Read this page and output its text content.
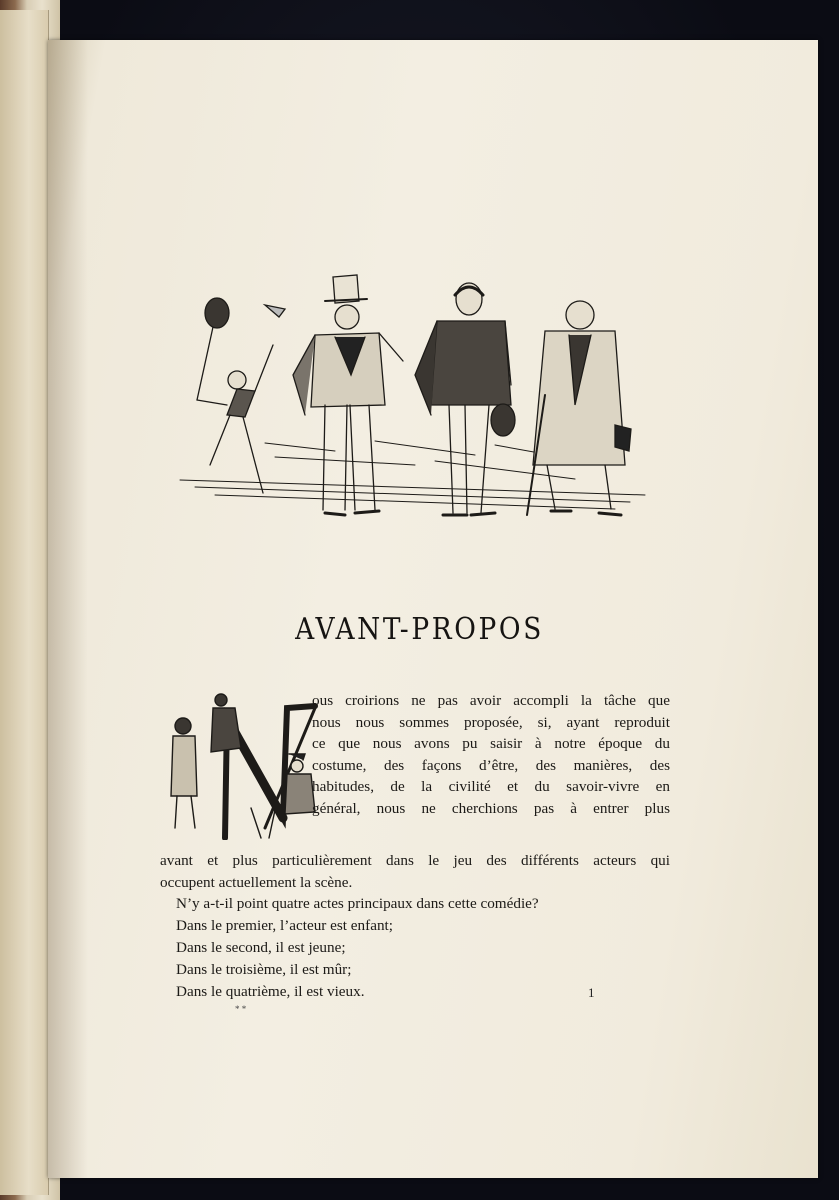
AVANT-PROPOS
ous croirions ne pas avoir accompli la tâche que
nous nous sommes proposée, si, ayant reproduit
ce que nous avons pu saisir à notre époque du
costume, des façons d’être, des manières, des
habitudes, de la civilité et du savoir-vivre en
général, nous ne cherchions pas à entrer plus
avant et plus particulièrement dans le jeu des différents acteurs qui
occupent actuellement la scène.
N’y a-t-il point quatre actes principaux dans cette comédie?
Dans le premier, l’acteur est enfant;
Dans le second, il est jeune;
Dans le troisième, il est mûr;
Dans le quatrième, il est vieux.
* *
1
